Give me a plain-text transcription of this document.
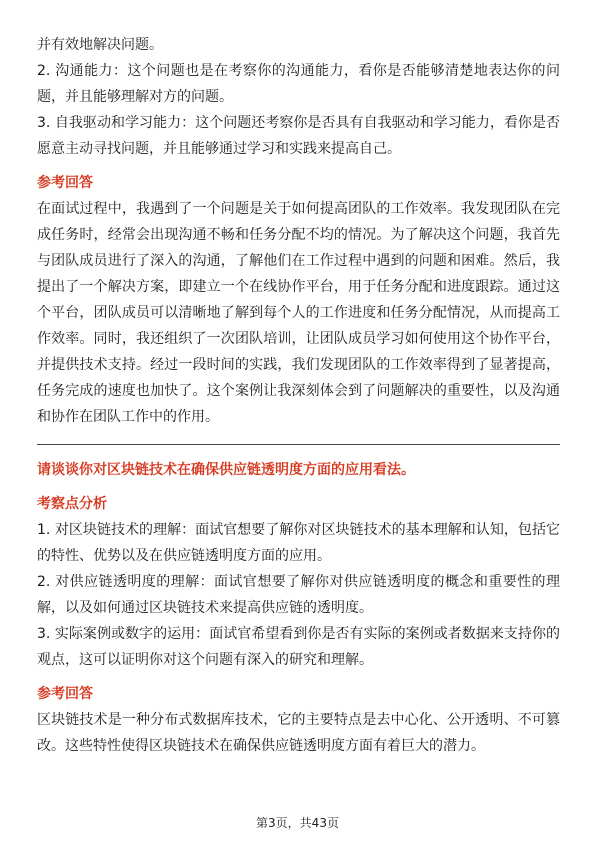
并有效地解决问题。

2. 沟通能力：这个问题也是在考察你的沟通能力，看你是否能够清楚地表达你的问题，并且能够理解对方的问题。

3. 自我驱动和学习能力：这个问题还考察你是否具有自我驱动和学习能力，看你是否愿意主动寻找问题，并且能够通过学习和实践来提高自己。

参考回答

在面试过程中，我遇到了一个问题是关于如何提高团队的工作效率。我发现团队在完成任务时，经常会出现沟通不畅和任务分配不均的情况。为了解决这个问题，我首先与团队成员进行了深入的沟通，了解他们在工作过程中遇到的问题和困难。然后，我提出了一个解决方案，即建立一个在线协作平台，用于任务分配和进度跟踪。通过这个平台，团队成员可以清晰地了解到每个人的工作进度和任务分配情况，从而提高工作效率。同时，我还组织了一次团队培训，让团队成员学习如何使用这个协作平台，并提供技术支持。经过一段时间的实践，我们发现团队的工作效率得到了显著提高，任务完成的速度也加快了。这个案例让我深刻体会到了问题解决的重要性，以及沟通和协作在团队工作中的作用。

请谈谈你对区块链技术在确保供应链透明度方面的应用看法。
考察点分析

1. 对区块链技术的理解：面试官想要了解你对区块链技术的基本理解和认知，包括它的特性、优势以及在供应链透明度方面的应用。

2. 对供应链透明度的理解：面试官想要了解你对供应链透明度的概念和重要性的理解，以及如何通过区块链技术来提高供应链的透明度。

3. 实际案例或数字的运用：面试官希望看到你是否有实际的案例或者数据来支持你的观点，这可以证明你对这个问题有深入的研究和理解。

参考回答

区块链技术是一种分布式数据库技术，它的主要特点是去中心化、公开透明、不可篡改。这些特性使得区块链技术在确保供应链透明度方面有着巨大的潜力。

第3页，共43页
